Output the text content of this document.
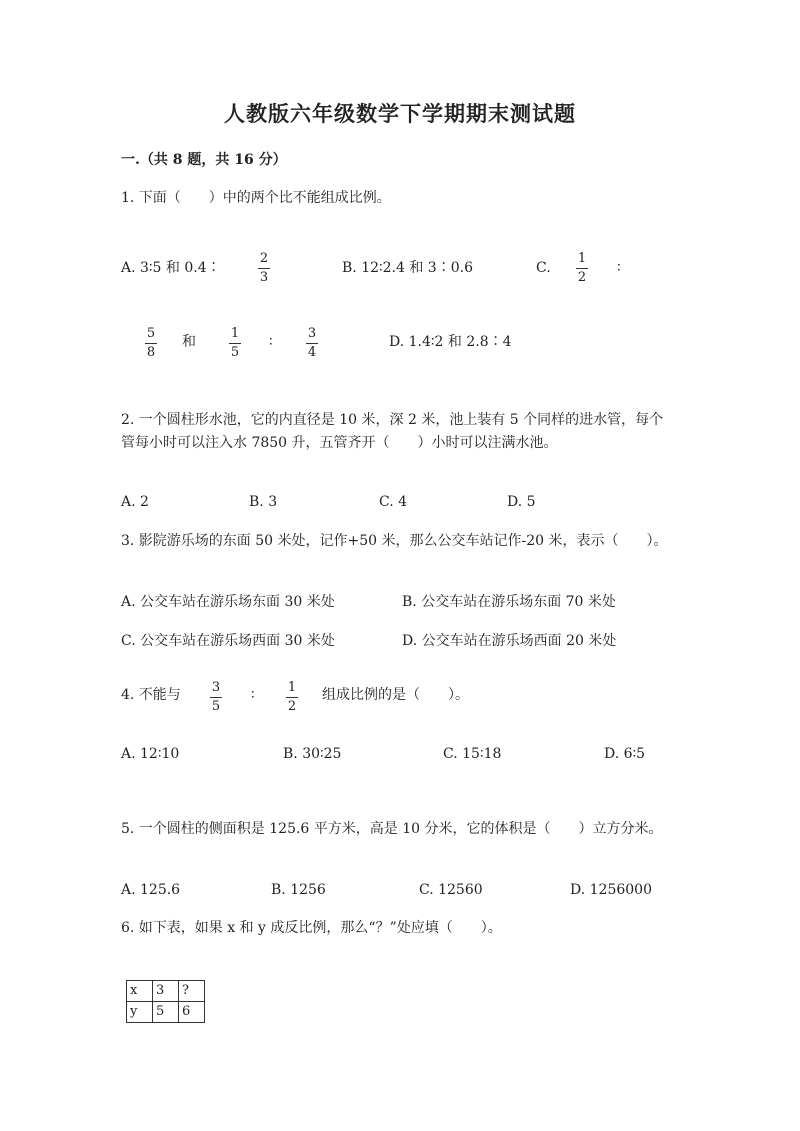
人教版六年级数学下学期期末测试题
一.（共 8 题，共 16 分）
1. 下面（　　）中的两个比不能组成比例。
A. 3∶5 和 0.4∶
2
3
B. 12∶2.4 和 3∶0.6	C.
1
2
∶
5
8
和
1
5
∶
3
4
D. 1.4∶2 和 2.8∶4
2. 一个圆柱形水池，它的内直径是 10 米，深 2 米，池上装有 5 个同样的进水管，每个管每小时可以注入水 7850 升，五管齐开（　　）小时可以注满水池。
A. 2	B. 3	C. 4	D. 5
3. 影院游乐场的东面 50 米处，记作+50 米，那么公交车站记作-20 米，表示（　　）。
A. 公交车站在游乐场东面 30 米处	B. 公交车站在游乐场东面 70 米处
C. 公交车站在游乐场西面 30 米处	D. 公交车站在游乐场西面 20 米处
4. 不能与 3
5
∶	1
2
组成比例的是（　　）。
A. 12∶10	B. 30∶25	C. 15∶18	D. 6∶5
5. 一个圆柱的侧面积是 125.6 平方米，高是 10 分米，它的体积是（　　）立方分米。
A. 125.6	B. 1256	C. 12560	D. 1256000
6. 如下表，如果 x 和 y 成反比例，那么“？”处应填（　　）。
x	3	?
y	5	6
